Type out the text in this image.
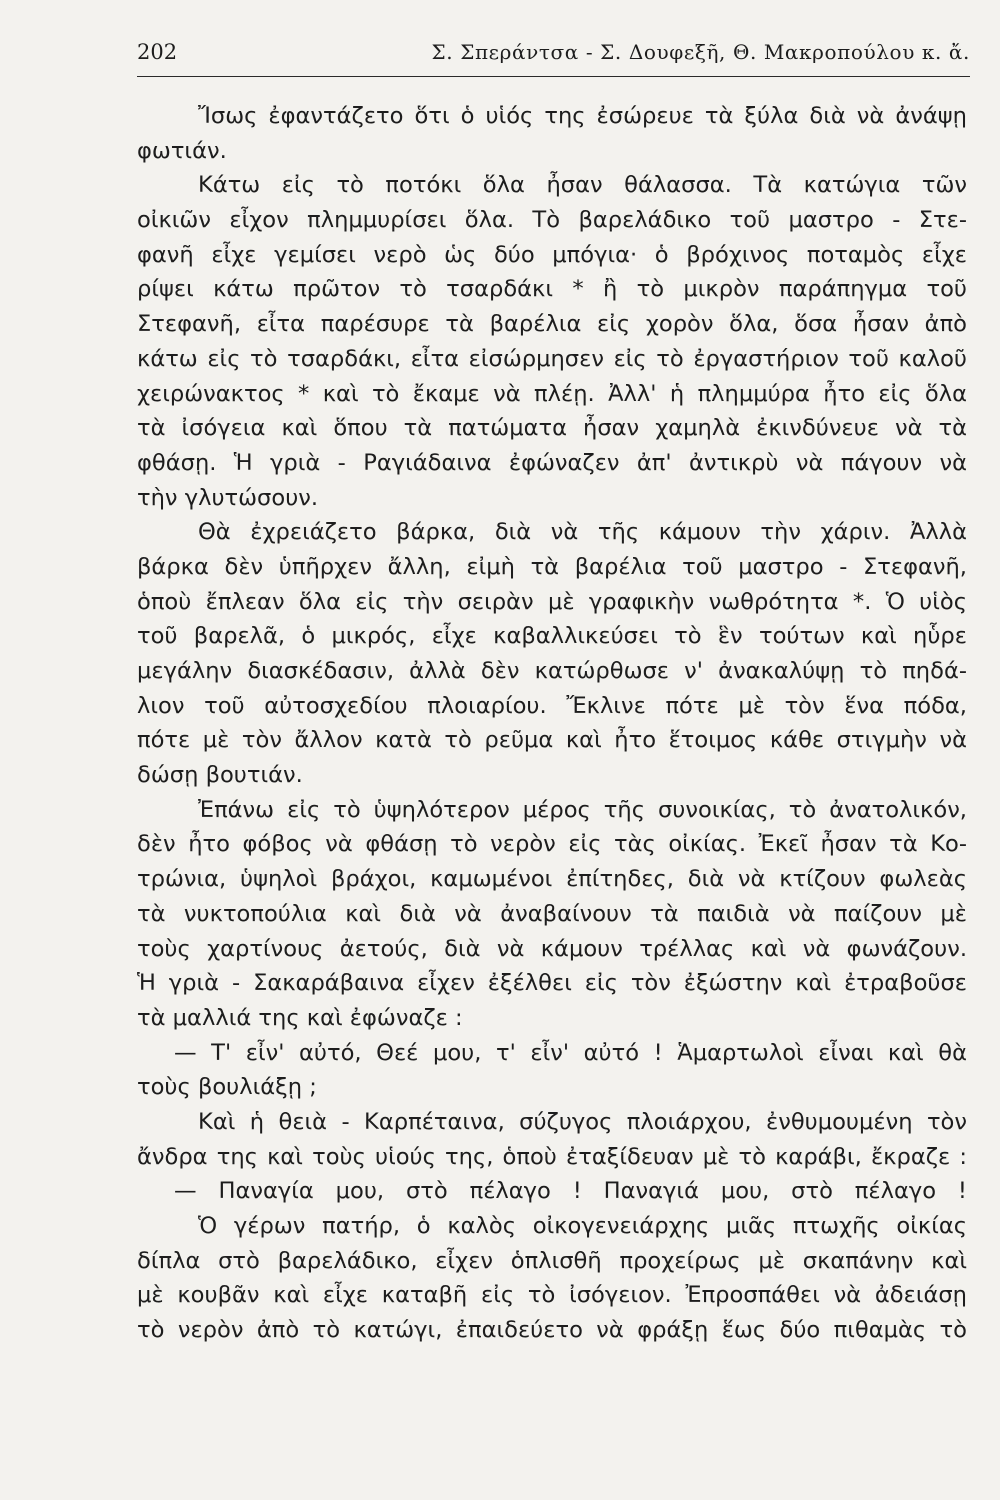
202	Σ. Σπεράντσα - Σ. Δουφεξῆ, Θ. Μακροπούλου κ. ἄ.
Ἴσως ἐφαντάζετο ὅτι ὁ υἱός της ἐσώρευε τὰ ξύλα διὰ νὰ ἀνάψῃ
φωτιάν.
Κάτω εἰς τὸ ποτόκι ὅλα ἦσαν θάλασσα. Τὰ κατώγια τῶν
οἰκιῶν εἶχον πλημμυρίσει ὅλα. Τὸ βαρελάδικο τοῦ μαστρο - Στε-
φανῆ εἶχε γεμίσει νερὸ ὡς δύο μπόγια· ὁ βρόχινος ποταμὸς εἶχε
ρίψει κάτω πρῶτον τὸ τσαρδάκι * ἢ τὸ μικρὸν παράπηγμα τοῦ
Στεφανῆ, εἶτα παρέσυρε τὰ βαρέλια εἰς χορὸν ὅλα, ὅσα ἦσαν ἀπὸ
κάτω εἰς τὸ τσαρδάκι, εἶτα εἰσώρμησεν εἰς τὸ ἐργαστήριον τοῦ καλοῦ
χειρώνακτος * καὶ τὸ ἔκαμε νὰ πλέῃ. Ἀλλ' ἡ πλημμύρα ἦτο εἰς ὅλα
τὰ ἰσόγεια καὶ ὅπου τὰ πατώματα ἦσαν χαμηλὰ ἐκινδύνευε νὰ τὰ
φθάσῃ. Ἡ γριὰ - Ραγιάδαινα ἐφώναζεν ἀπ' ἀντικρὺ νὰ πάγουν νὰ
τὴν γλυτώσουν.
Θὰ ἐχρειάζετο βάρκα, διὰ νὰ τῆς κάμουν τὴν χάριν. Ἀλλὰ
βάρκα δὲν ὑπῆρχεν ἄλλη, εἰμὴ τὰ βαρέλια τοῦ μαστρο - Στεφανῆ,
ὁποὺ ἔπλεαν ὅλα εἰς τὴν σειρὰν μὲ γραφικὴν νωθρότητα *. Ὁ υἱὸς
τοῦ βαρελᾶ, ὁ μικρός, εἶχε καβαλλικεύσει τὸ ἓν τούτων καὶ ηὗρε
μεγάλην διασκέδασιν, ἀλλὰ δὲν κατώρθωσε ν' ἀνακαλύψῃ τὸ πηδά-
λιον τοῦ αὐτοσχεδίου πλοιαρίου. Ἔκλινε πότε μὲ τὸν ἕνα πόδα,
πότε μὲ τὸν ἄλλον κατὰ τὸ ρεῦμα καὶ ἦτο ἕτοιμος κάθε στιγμὴν νὰ
δώσῃ βουτιάν.
Ἐπάνω εἰς τὸ ὑψηλότερον μέρος τῆς συνοικίας, τὸ ἀνατολικόν,
δὲν ἦτο φόβος νὰ φθάσῃ τὸ νερὸν εἰς τὰς οἰκίας. Ἐκεῖ ἦσαν τὰ Κο-
τρώνια, ὑψηλοὶ βράχοι, καμωμένοι ἐπίτηδες, διὰ νὰ κτίζουν φωλεὰς
τὰ νυκτοπούλια καὶ διὰ νὰ ἀναβαίνουν τὰ παιδιὰ νὰ παίζουν μὲ
τοὺς χαρτίνους ἀετούς, διὰ νὰ κάμουν τρέλλας καὶ νὰ φωνάζουν.
Ἡ γριὰ - Σακαράβαινα εἶχεν ἐξέλθει εἰς τὸν ἐξώστην καὶ ἐτραβοῦσε
τὰ μαλλιά της καὶ ἐφώναζε :
— Τ' εἶν' αὐτό, Θεέ μου, τ' εἶν' αὐτό ! Ἁμαρτωλοὶ εἶναι καὶ θὰ
τοὺς βουλιάξῃ ;
Καὶ ἡ θειὰ - Καρπέταινα, σύζυγος πλοιάρχου, ἐνθυμουμένη τὸν
ἄνδρα της καὶ τοὺς υἱούς της, ὁποὺ ἐταξίδευαν μὲ τὸ καράβι, ἔκραζε :
— Παναγία μου, στὸ πέλαγο ! Παναγιά μου, στὸ πέλαγο !
Ὁ γέρων πατήρ, ὁ καλὸς οἰκογενειάρχης μιᾶς πτωχῆς οἰκίας
δίπλα στὸ βαρελάδικο, εἶχεν ὁπλισθῆ προχείρως μὲ σκαπάνην καὶ
μὲ κουβᾶν καὶ εἶχε καταβῆ εἰς τὸ ἰσόγειον. Ἐπροσπάθει νὰ ἀδειάσῃ
τὸ νερὸν ἀπὸ τὸ κατώγι, ἐπαιδεύετο νὰ φράξῃ ἕως δύο πιθαμὰς τὸ
